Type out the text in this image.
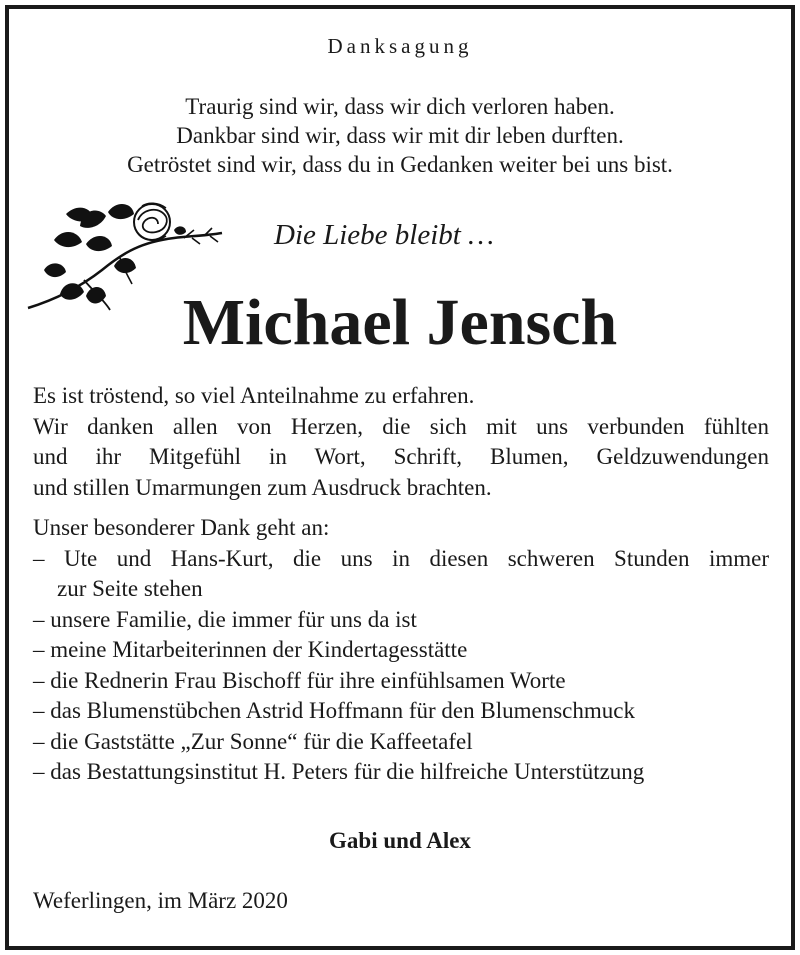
Danksagung
Traurig sind wir, dass wir dich verloren haben.
Dankbar sind wir, dass wir mit dir leben durften.
Getröstet sind wir, dass du in Gedanken weiter bei uns bist.
Die Liebe bleibt …
Michael Jensch
Es ist tröstend, so viel Anteilnahme zu erfahren.
Wir danken allen von Herzen, die sich mit uns verbunden fühlten
und ihr Mitgefühl in Wort, Schrift, Blumen, Geldzuwendungen
und stillen Umarmungen zum Ausdruck brachten.
Unser besonderer Dank geht an:
– Ute und Hans-Kurt, die uns in diesen schweren Stunden immer
zur Seite stehen
– unsere Familie, die immer für uns da ist
– meine Mitarbeiterinnen der Kindertagesstätte
– die Rednerin Frau Bischoff für ihre einfühlsamen Worte
– das Blumenstübchen Astrid Hoffmann für den Blumenschmuck
– die Gaststätte „Zur Sonne“ für die Kaffeetafel
– das Bestattungsinstitut H. Peters für die hilfreiche Unterstützung
Gabi und Alex
Weferlingen, im März 2020
